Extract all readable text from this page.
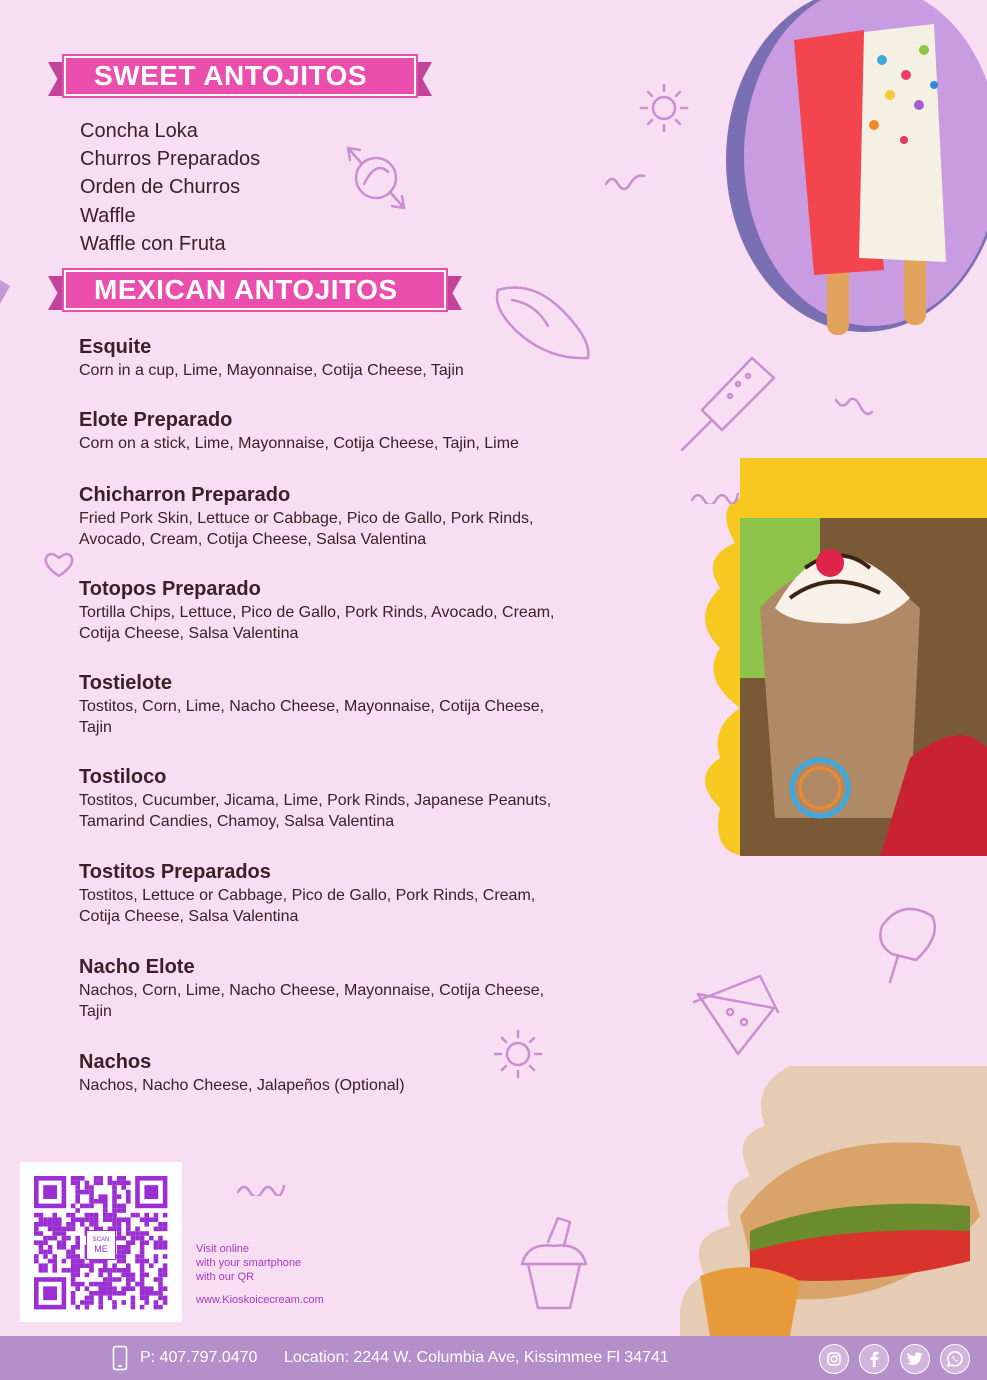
SWEET ANTOJITOS
Concha Loka
Churros Preparados
Orden de Churros
Waffle
Waffle con Fruta
MEXICAN ANTOJITOS
Esquite
Corn in a cup, Lime, Mayonnaise, Cotija Cheese, Tajin
Elote Preparado
Corn on a stick, Lime, Mayonnaise, Cotija Cheese, Tajin, Lime
Chicharron Preparado
Fried Pork Skin, Lettuce or Cabbage, Pico de Gallo, Pork Rinds,
Avocado, Cream, Cotija Cheese, Salsa Valentina
Totopos Preparado
Tortilla Chips, Lettuce, Pico de Gallo, Pork Rinds, Avocado, Cream,
Cotija Cheese, Salsa Valentina
Tostielote
Tostitos, Corn, Lime, Nacho Cheese, Mayonnaise, Cotija Cheese,
Tajin
Tostiloco
Tostitos, Cucumber, Jicama, Lime, Pork Rinds, Japanese Peanuts,
Tamarind Candies, Chamoy, Salsa Valentina
Tostitos Preparados
Tostitos, Lettuce or Cabbage, Pico de Gallo, Pork Rinds, Cream,
Cotija Cheese, Salsa Valentina
Nacho Elote
Nachos, Corn, Lime, Nacho Cheese, Mayonnaise, Cotija Cheese,
Tajin
Nachos
Nachos, Nacho Cheese, Jalapeños (Optional)
SCAN
ME	Visit online
with your smartphone
with our QR
www.Kioskoicecream.com
P: 407.797.0470 Location: 2244 W. Columbia Ave, Kissimmee Fl 34741
